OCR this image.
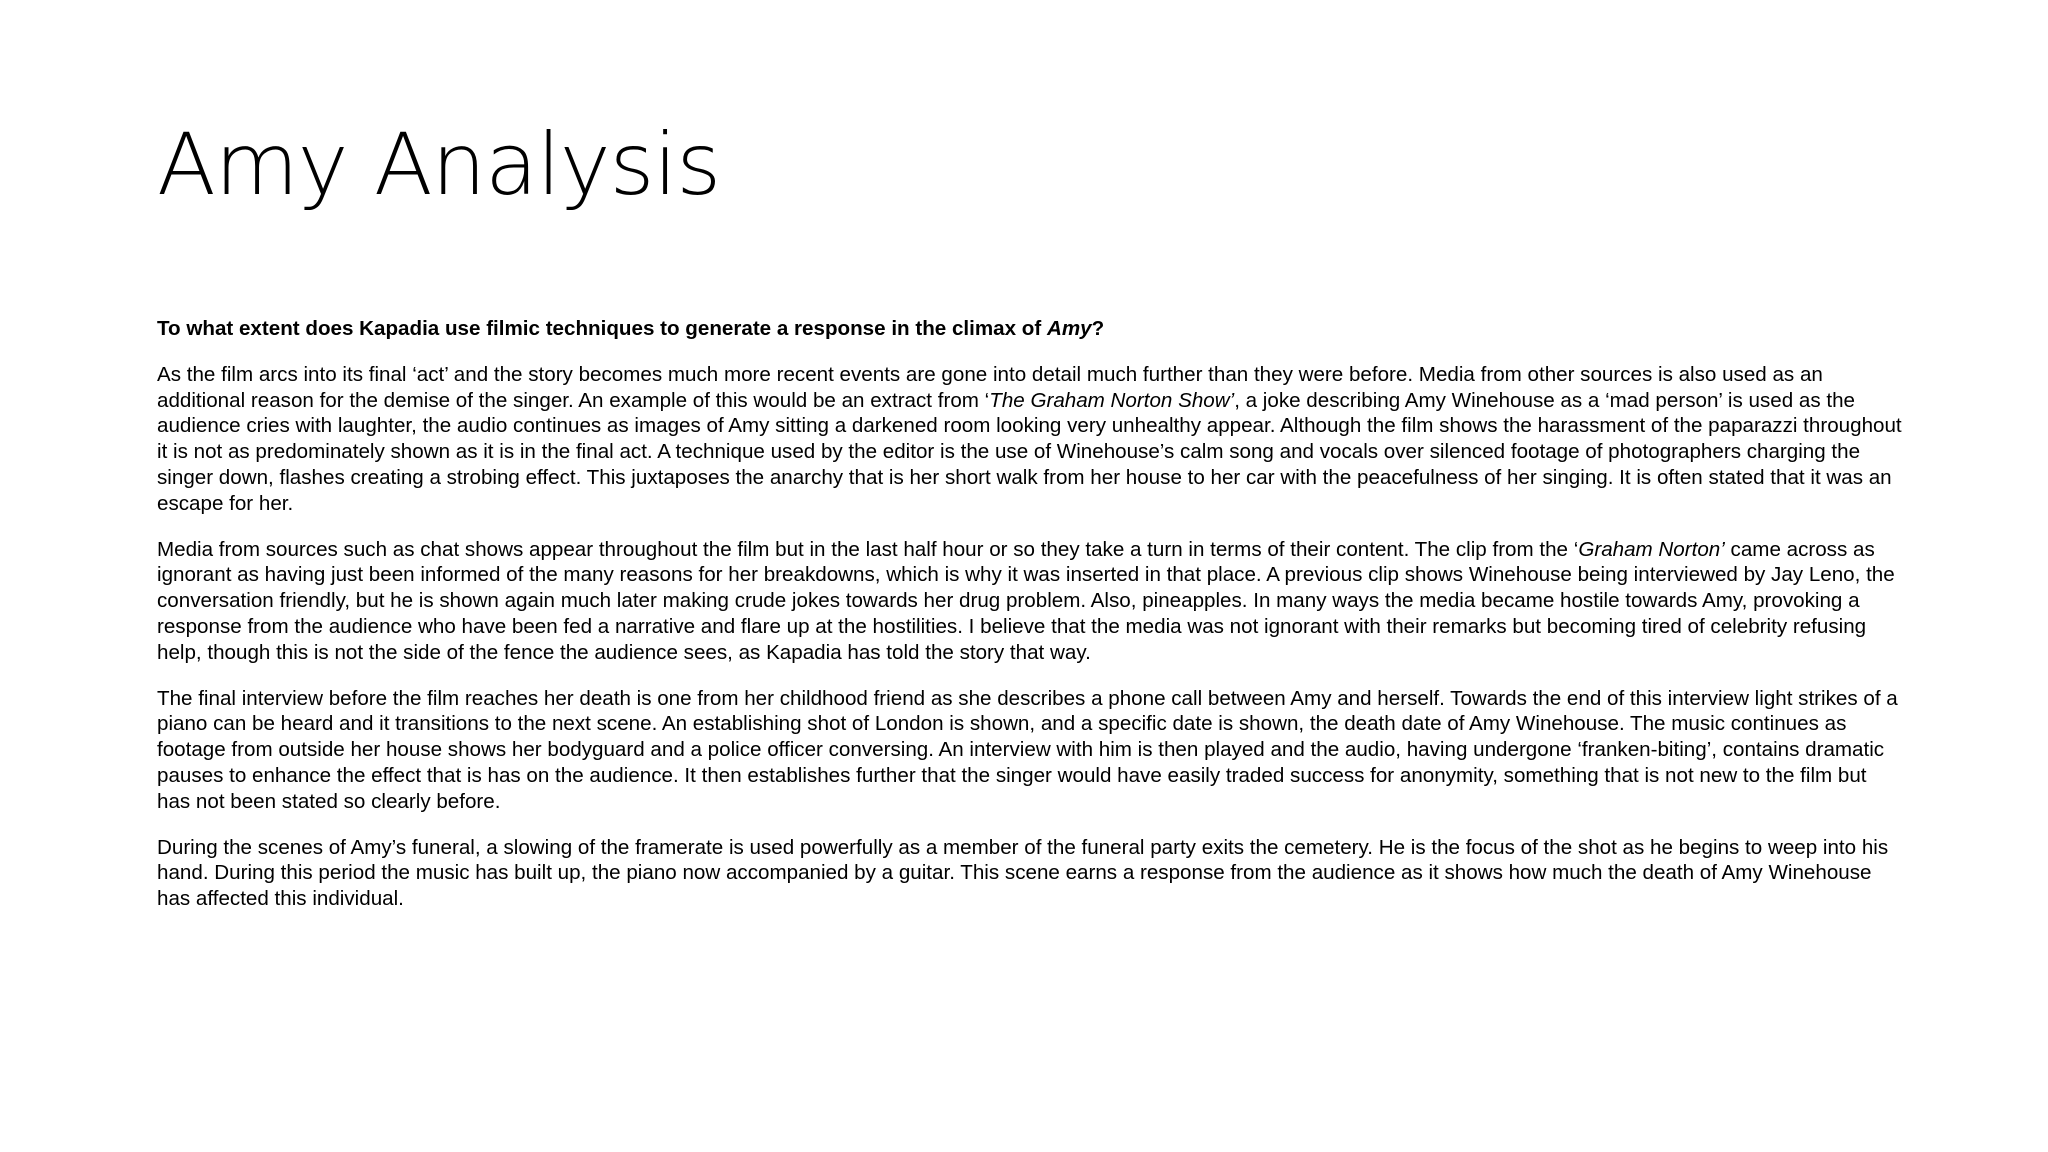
Amy Analysis

To what extent does Kapadia use filmic techniques to generate a response in the climax of Amy?

As the film arcs into its final ‘act’ and the story becomes much more recent events are gone into detail much further than they were before. Media from other sources is also used as an additional reason for the demise of the singer. An example of this would be an extract from ‘The Graham Norton Show’, a joke describing Amy Winehouse as a ‘mad person’ is used as the audience cries with laughter, the audio continues as images of Amy sitting a darkened room looking very unhealthy appear. Although the film shows the harassment of the paparazzi throughout it is not as predominately shown as it is in the final act. A technique used by the editor is the use of Winehouse’s calm song and vocals over silenced footage of photographers charging the singer down, flashes creating a strobing effect. This juxtaposes the anarchy that is her short walk from her house to her car with the peacefulness of her singing. It is often stated that it was an escape for her.

Media from sources such as chat shows appear throughout the film but in the last half hour or so they take a turn in terms of their content. The clip from the ‘Graham Norton’ came across as ignorant as having just been informed of the many reasons for her breakdowns, which is why it was inserted in that place. A previous clip shows Winehouse being interviewed by Jay Leno, the conversation friendly, but he is shown again much later making crude jokes towards her drug problem. Also, pineapples. In many ways the media became hostile towards Amy, provoking a response from the audience who have been fed a narrative and flare up at the hostilities. I believe that the media was not ignorant with their remarks but becoming tired of celebrity refusing help, though this is not the side of the fence the audience sees, as Kapadia has told the story that way.

The final interview before the film reaches her death is one from her childhood friend as she describes a phone call between Amy and herself. Towards the end of this interview light strikes of a piano can be heard and it transitions to the next scene. An establishing shot of London is shown, and a specific date is shown, the death date of Amy Winehouse. The music continues as footage from outside her house shows her bodyguard and a police officer conversing. An interview with him is then played and the audio, having undergone ‘franken-biting’, contains dramatic pauses to enhance the effect that is has on the audience. It then establishes further that the singer would have easily traded success for anonymity, something that is not new to the film but has not been stated so clearly before.

During the scenes of Amy’s funeral, a slowing of the framerate is used powerfully as a member of the funeral party exits the cemetery. He is the focus of the shot as he begins to weep into his hand. During this period the music has built up, the piano now accompanied by a guitar. This scene earns a response from the audience as it shows how much the death of Amy Winehouse has affected this individual.
